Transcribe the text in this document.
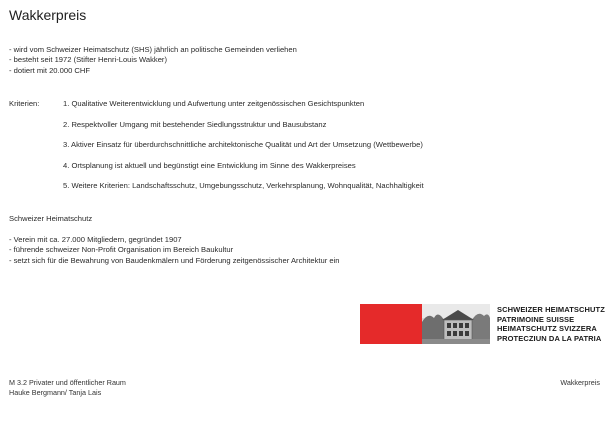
Wakkerpreis
- wird vom Schweizer Heimatschutz (SHS) jährlich an politische Gemeinden verliehen
- besteht seit 1972 (Stifter Henri-Louis Wakker)
- dotiert mit 20.000 CHF
Kriterien:	1. Qualitative Weiterentwicklung und Aufwertung unter zeitgenössischen Gesichtspunkten
2. Respektvoller Umgang mit bestehender Siedlungsstruktur und Bausubstanz
3. Aktiver Einsatz für überdurchschnittliche architektonische Qualität und Art der Umsetzung (Wettbewerbe)
4. Ortsplanung ist aktuell und begünstigt eine Entwicklung im Sinne des Wakkerpreises
5. Weitere Kriterien: Landschaftsschutz, Umgebungsschutz, Verkehrsplanung, Wohnqualität, Nachhaltigkeit
Schweizer Heimatschutz
- Verein mit ca. 27.000 Mitgliedern, gegründet 1907
- führende schweizer Non-Profit Organisation im Bereich Baukultur
- setzt sich für die Bewahrung von Baudenkmälern und Förderung zeitgenössischer Architektur ein
SCHWEIZER HEIMATSCHUTZ
PATRIMOINE SUISSE
HEIMATSCHUTZ SVIZZERA
PROTECZIUN DA LA PATRIA
M 3.2 Privater und öffentlicher Raum
Hauke Bergmann/ Tanja Lais
Wakkerpreis
